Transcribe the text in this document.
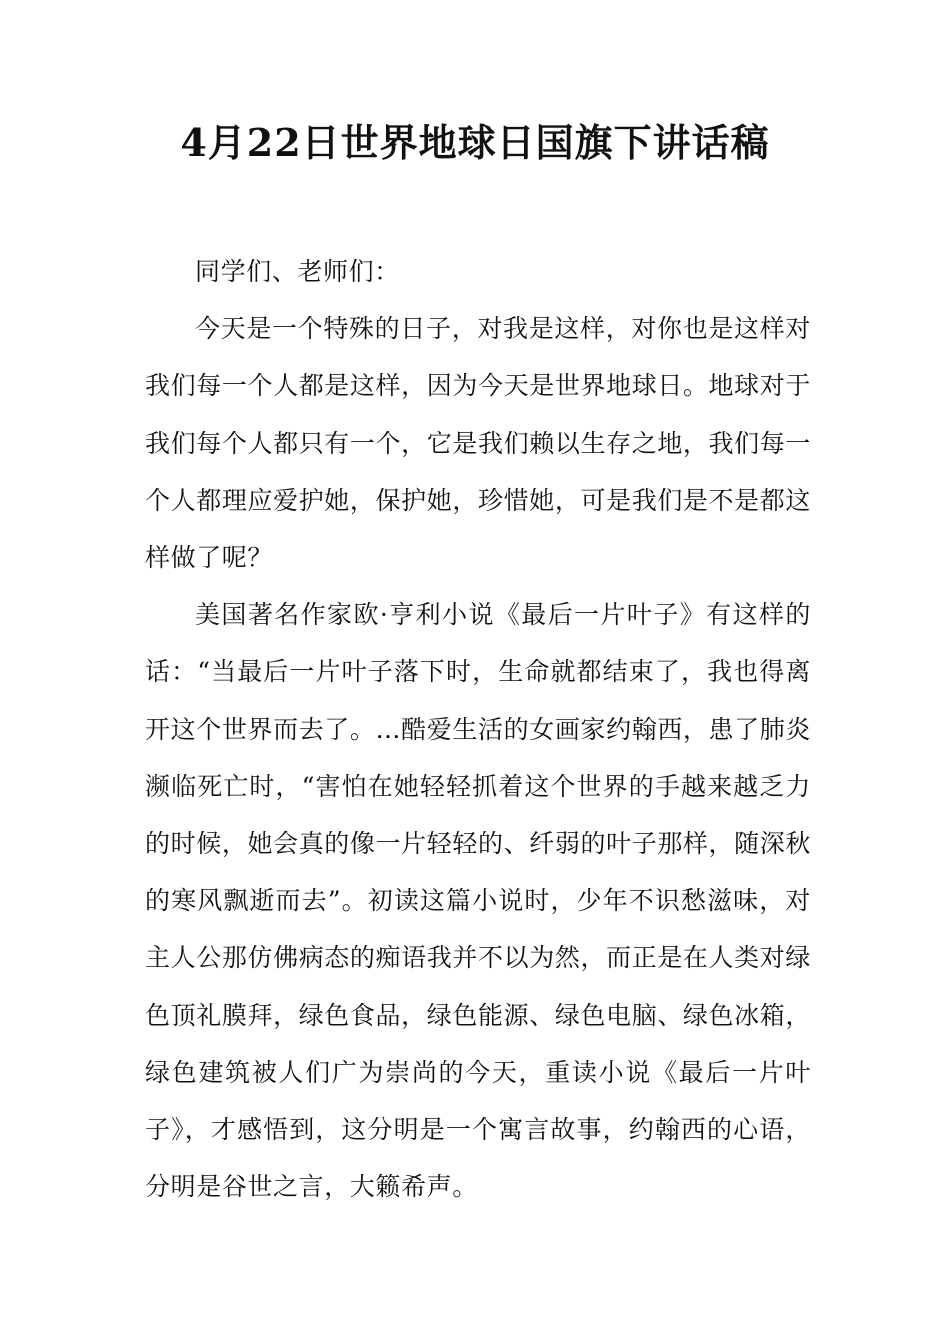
4月22日世界地球日国旗下讲话稿

同学们、老师们：

今天是一个特殊的日子，对我是这样，对你也是这样对我们每一个人都是这样，因为今天是世界地球日。地球对于我们每个人都只有一个，它是我们赖以生存之地，我们每一个人都理应爱护她，保护她，珍惜她，可是我们是不是都这样做了呢？

美国著名作家欧·亨利小说《最后一片叶子》有这样的话：“当最后一片叶子落下时，生命就都结束了，我也得离开这个世界而去了。…酷爱生活的女画家约翰西，患了肺炎濒临死亡时，“害怕在她轻轻抓着这个世界的手越来越乏力的时候，她会真的像一片轻轻的、纤弱的叶子那样，随深秋的寒风飘逝而去”。初读这篇小说时，少年不识愁滋味，对主人公那仿佛病态的痴语我并不以为然，而正是在人类对绿色顶礼膜拜，绿色食品，绿色能源、绿色电脑、绿色冰箱，绿色建筑被人们广为崇尚的今天，重读小说《最后一片叶子》，才感悟到，这分明是一个寓言故事，约翰西的心语，分明是谷世之言，大籁希声。
